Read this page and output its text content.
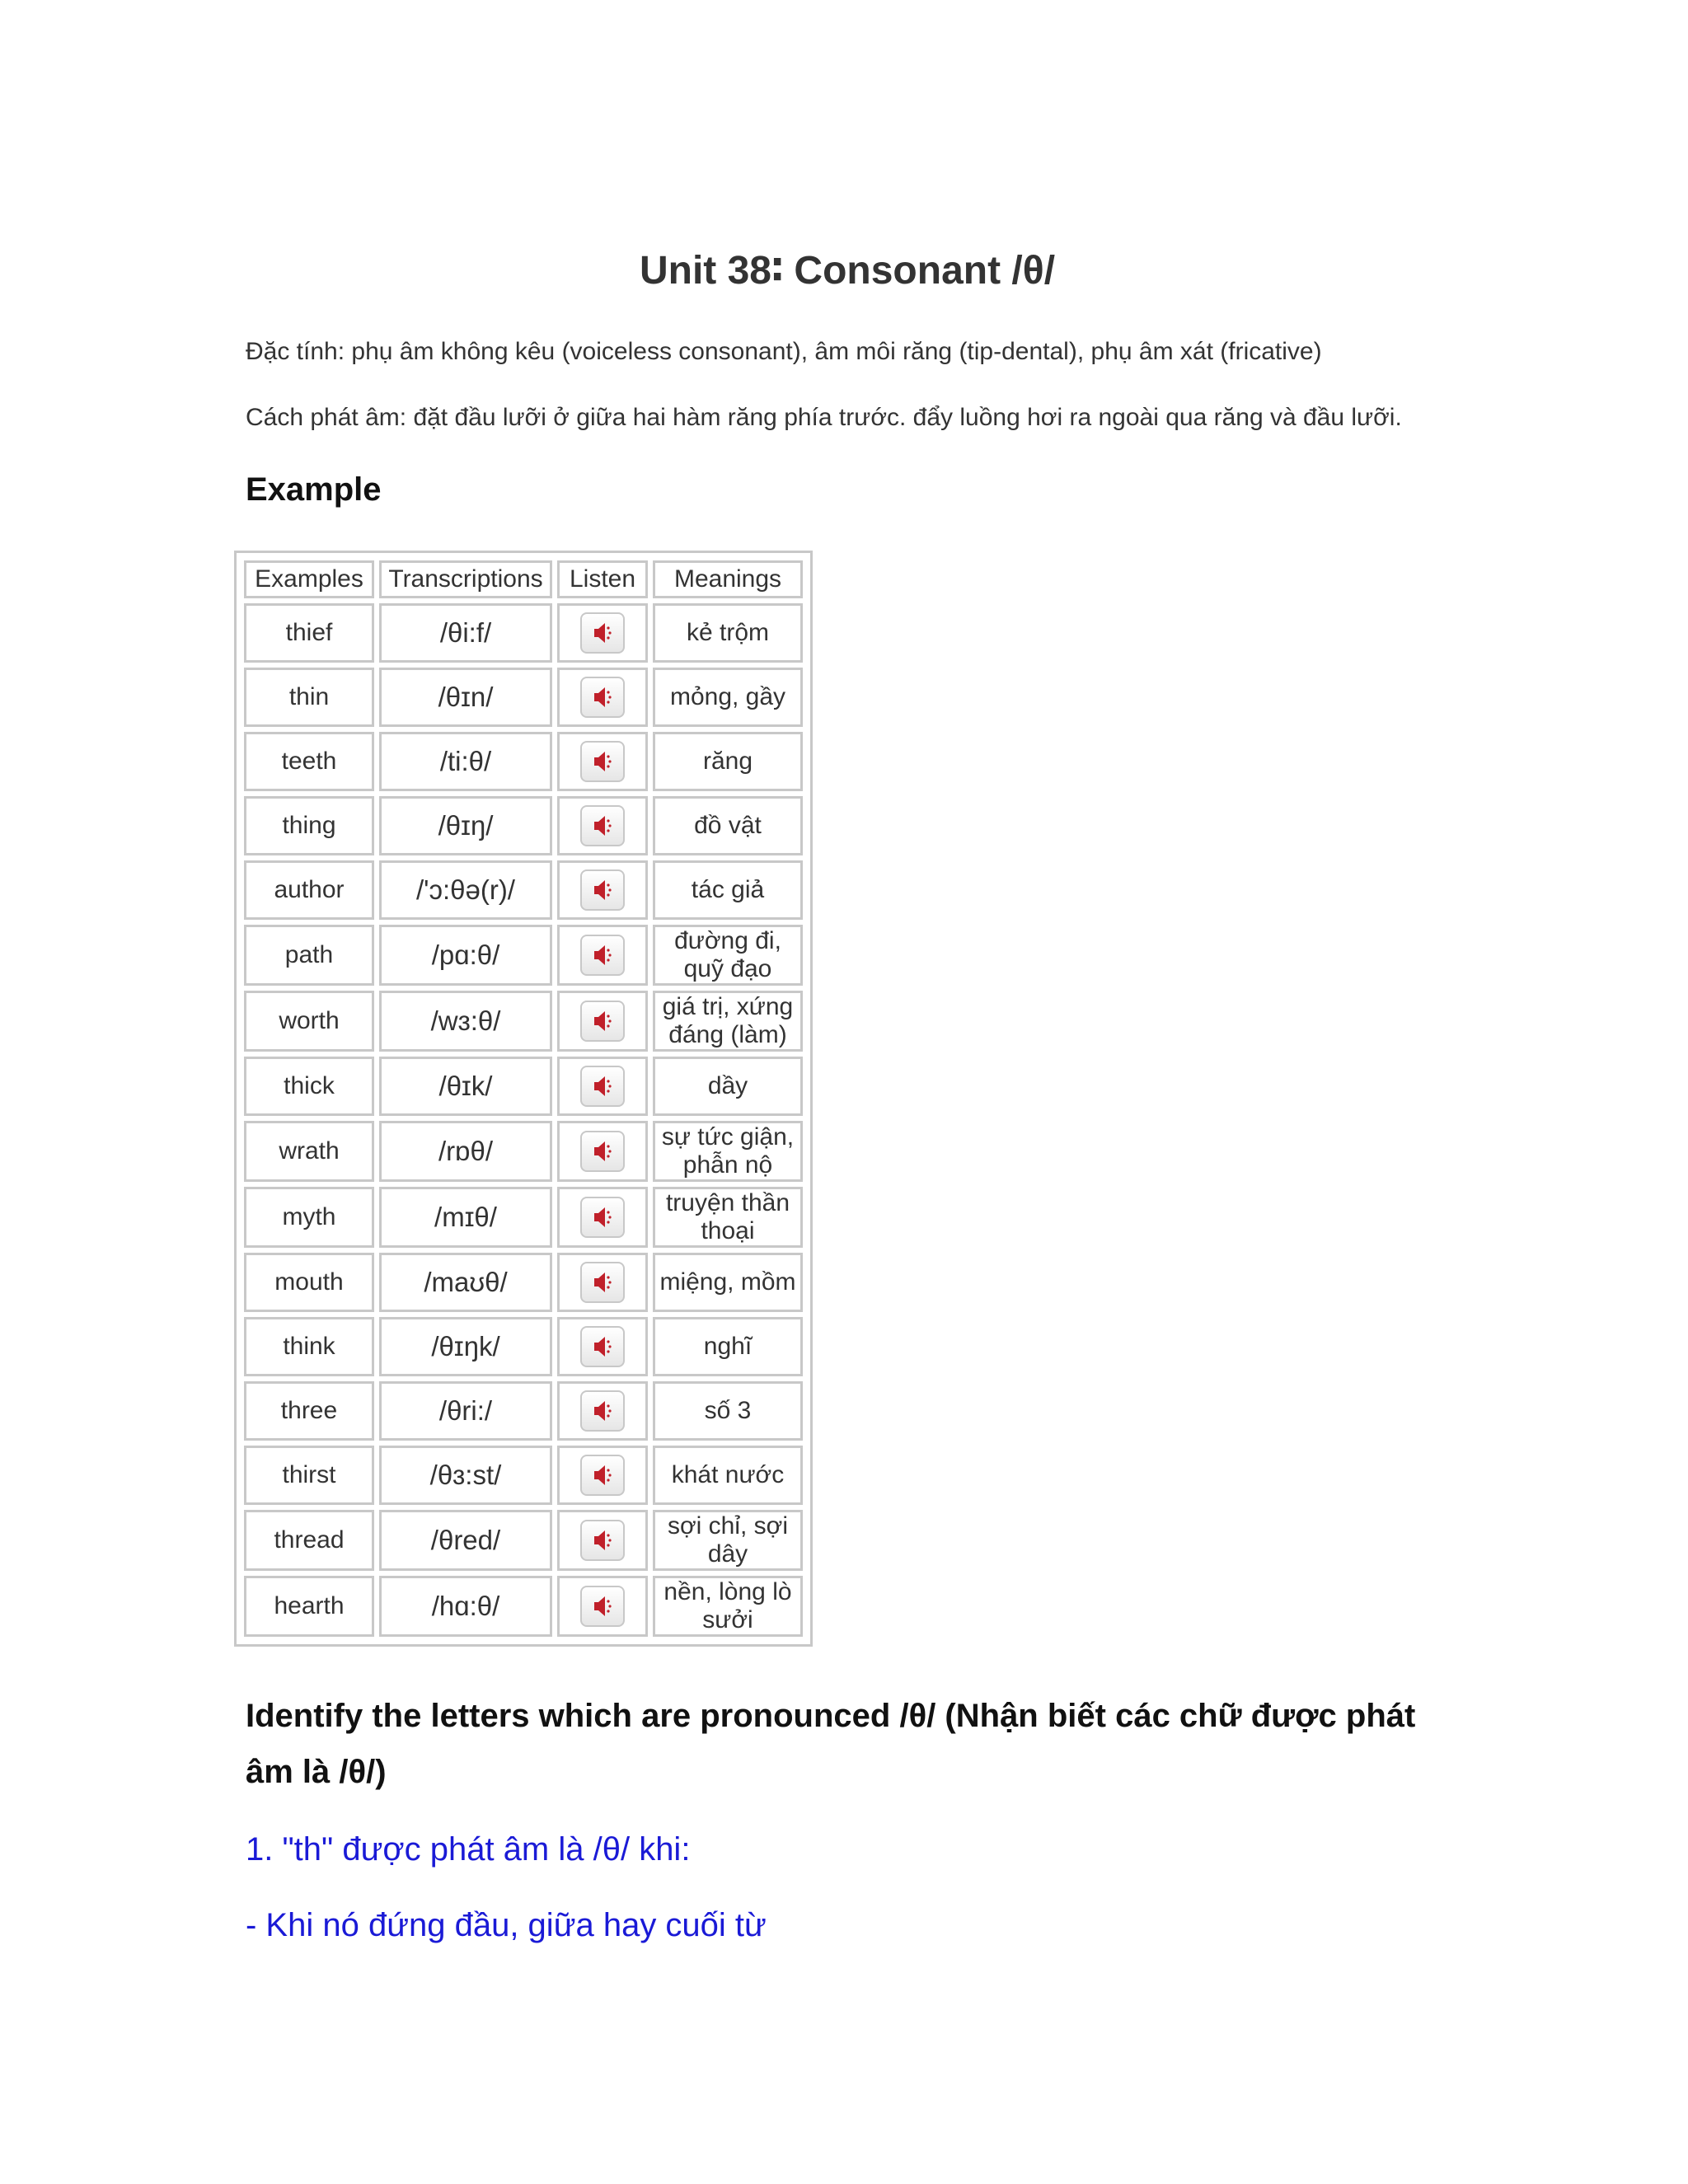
Unit 38∶ Consonant /θ/

Đặc tính: phụ âm không kêu (voiceless consonant), âm môi răng (tip-dental), phụ âm xát (fricative)

Cách phát âm: đặt đầu lưỡi ở giữa hai hàm răng phía trước. đẩy luồng hơi ra ngoài qua răng và đầu lưỡi.

Example
Examples	Transcriptions	Listen	Meanings
thief	/θi:f/		kẻ trộm
thin	/θɪn/		mỏng, gầy
teeth	/ti:θ/		răng
thing	/θɪŋ/		đồ vật
author	/'ɔ:θə(r)/		tác giả
path	/pɑ:θ/		đường đi, quỹ đạo
worth	/wɜ:θ/		giá trị, xứng đáng (làm)
thick	/θɪk/		dầy
wrath	/rɒθ/		sự tức giận, phẫn nộ
myth	/mɪθ/		truyện thần thoại
mouth	/maʊθ/		miệng, mồm
think	/θɪŋk/		nghĩ
three	/θri:/		số 3
thirst	/θɜ:st/		khát nước
thread	/θred/		sợi chỉ, sợi dây
hearth	/hɑ:θ/		nền, lòng lò sưởi
Identify the letters which are pronounced /θ/ (Nhận biết các chữ được phát âm là /θ/)

1. "th" được phát âm là /θ/ khi:

- Khi nó đứng đầu, giữa hay cuối từ
